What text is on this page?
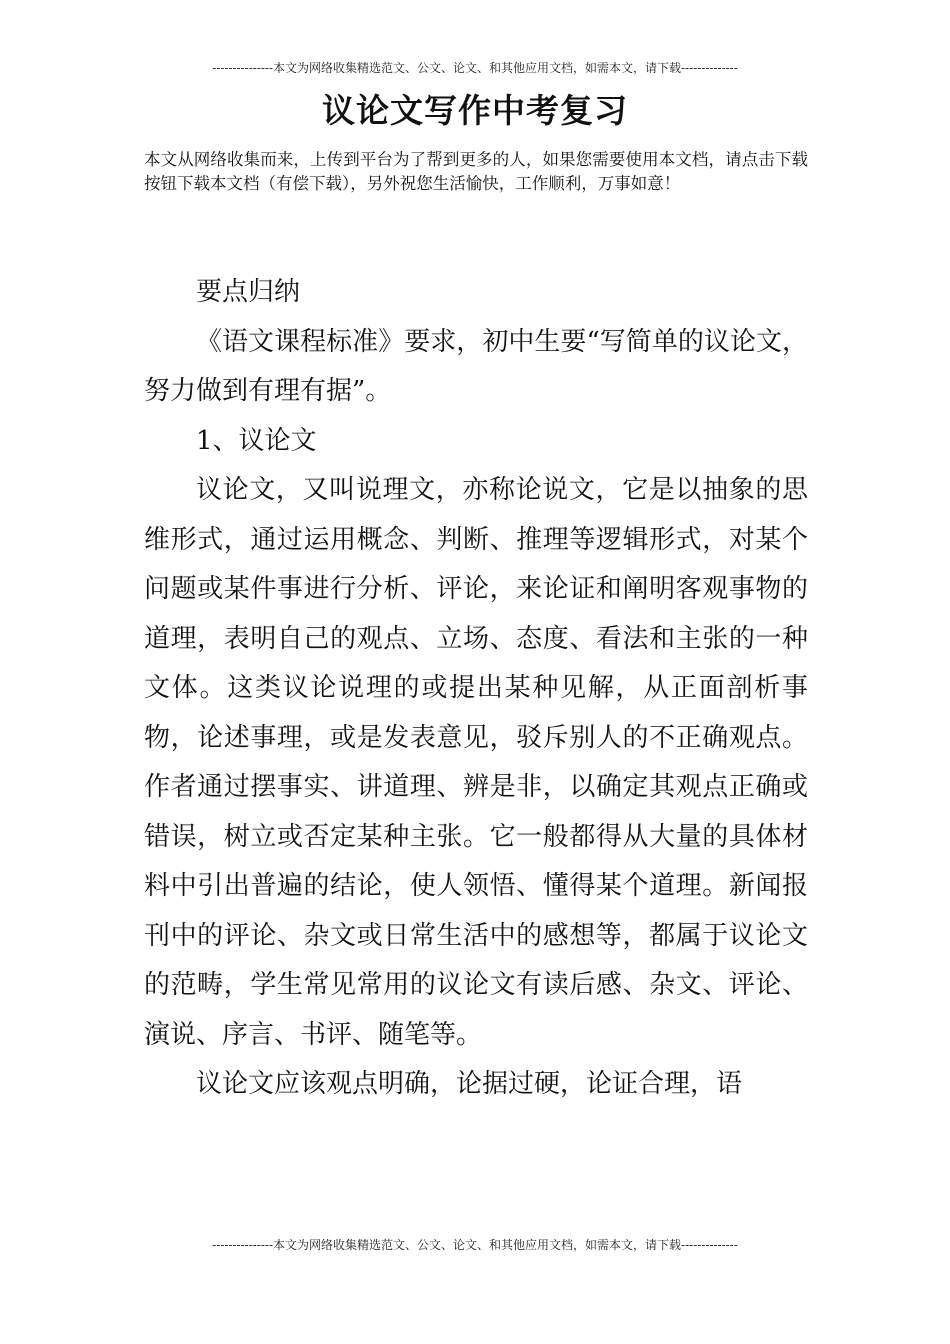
---------------本文为网络收集精选范文、公文、论文、和其他应用文档，如需本文，请下载--------------
议论文写作中考复习
本文从网络收集而来，上传到平台为了帮到更多的人，如果您需要使用本文档，请点击下载按钮下载本文档（有偿下载），另外祝您生活愉快，工作顺利，万事如意！

要点归纳

《语文课程标准》要求，初中生要“写简单的议论文，努力做到有理有据”。

1、议论文

议论文，又叫说理文，亦称论说文，它是以抽象的思维形式，通过运用概念、判断、推理等逻辑形式，对某个问题或某件事进行分析、评论，来论证和阐明客观事物的道理，表明自己的观点、立场、态度、看法和主张的一种文体。这类议论说理的或提出某种见解，从正面剖析事物，论述事理，或是发表意见，驳斥别人的不正确观点。作者通过摆事实、讲道理、辨是非，以确定其观点正确或错误，树立或否定某种主张。它一般都得从大量的具体材料中引出普遍的结论，使人领悟、懂得某个道理。新闻报刊中的评论、杂文或日常生活中的感想等，都属于议论文的范畴，学生常见常用的议论文有读后感、杂文、评论、演说、序言、书评、随笔等。

议论文应该观点明确，论据过硬，论证合理，语

---------------本文为网络收集精选范文、公文、论文、和其他应用文档，如需本文，请下载--------------
